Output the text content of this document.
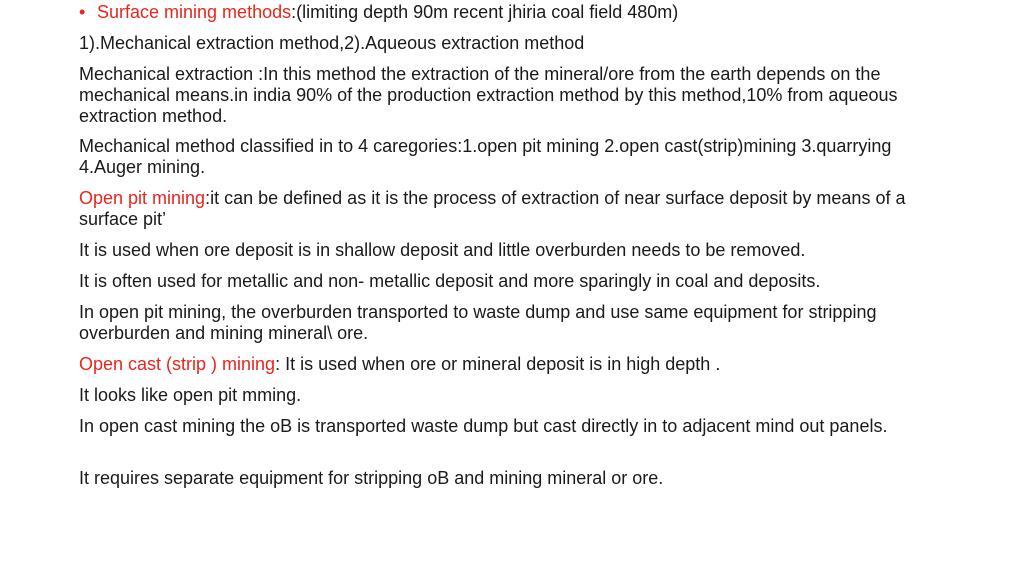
• Surface mining methods:(limiting depth 90m recent jhiria coal field 480m)

1).Mechanical extraction method,2).Aqueous extraction method

Mechanical extraction :In this method the extraction of the mineral/ore from the earth depends on the mechanical means.in india 90% of the production extraction method by this method,10% from aqueous extraction method.

Mechanical method classified in to 4 caregories:1.open pit mining 2.open cast(strip)mining 3.quarrying 4.Auger mining.

Open pit mining:it can be defined as it is the process of extraction of near surface deposit by means of a surface pit’

It is used when ore deposit is in shallow deposit and little overburden needs to be removed.

It is often used for metallic and non- metallic deposit and more sparingly in coal and deposits.

In open pit mining, the overburden transported to waste dump and use same equipment for stripping overburden and mining mineral\ ore.

Open cast (strip ) mining: It is used when ore or mineral deposit is in high depth .

It looks like open pit mming.

In open cast mining the oB is transported waste dump but cast directly in to adjacent mind out panels.

It requires separate equipment for stripping oB and mining mineral or ore.
